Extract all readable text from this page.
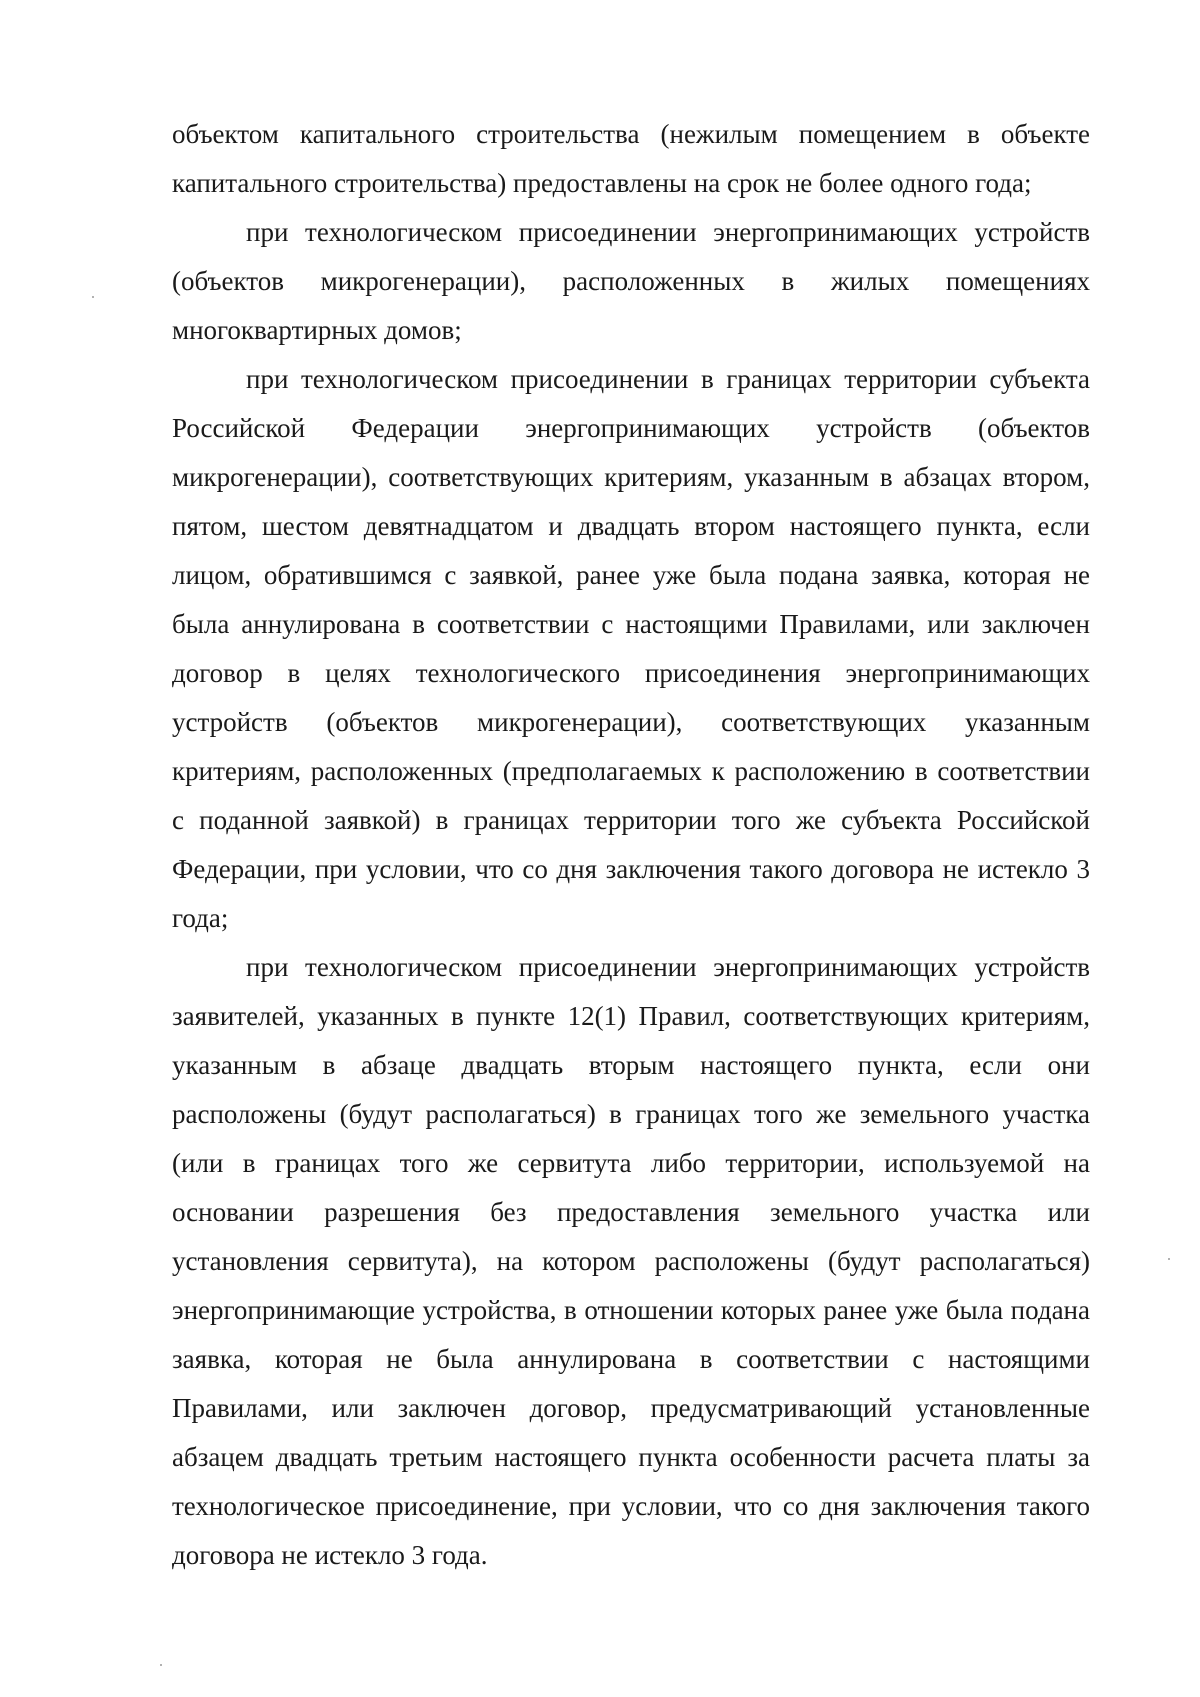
объектом капитального строительства (нежилым помещением в объекте капитального строительства) предоставлены на срок не более одного года;

при технологическом присоединении энергопринимающих устройств (объектов микрогенерации), расположенных в жилых помещениях многоквартирных домов;

при технологическом присоединении в границах территории субъекта Российской Федерации энергопринимающих устройств (объектов микрогенерации), соответствующих критериям, указанным в абзацах втором, пятом, шестом девятнадцатом и двадцать втором настоящего пункта, если лицом, обратившимся с заявкой, ранее уже была подана заявка, которая не была аннулирована в соответствии с настоящими Правилами, или заключен договор в целях технологического присоединения энергопринимающих устройств (объектов микрогенерации), соответствующих указанным критериям, расположенных (предполагаемых к расположению в соответствии с поданной заявкой) в границах территории того же субъекта Российской Федерации, при условии, что со дня заключения такого договора не истекло 3 года;

при технологическом присоединении энергопринимающих устройств заявителей, указанных в пункте 12(1) Правил, соответствующих критериям, указанным в абзаце двадцать вторым настоящего пункта, если они расположены (будут располагаться) в границах того же земельного участка (или в границах того же сервитута либо территории, используемой на основании разрешения без предоставления земельного участка или установления сервитута), на котором расположены (будут располагаться) энергопринимающие устройства, в отношении которых ранее уже была подана заявка, которая не была аннулирована в соответствии с настоящими Правилами, или заключен договор, предусматривающий установленные абзацем двадцать третьим настоящего пункта особенности расчета платы за технологическое присоединение, при условии, что со дня заключения такого договора не истекло 3 года.
